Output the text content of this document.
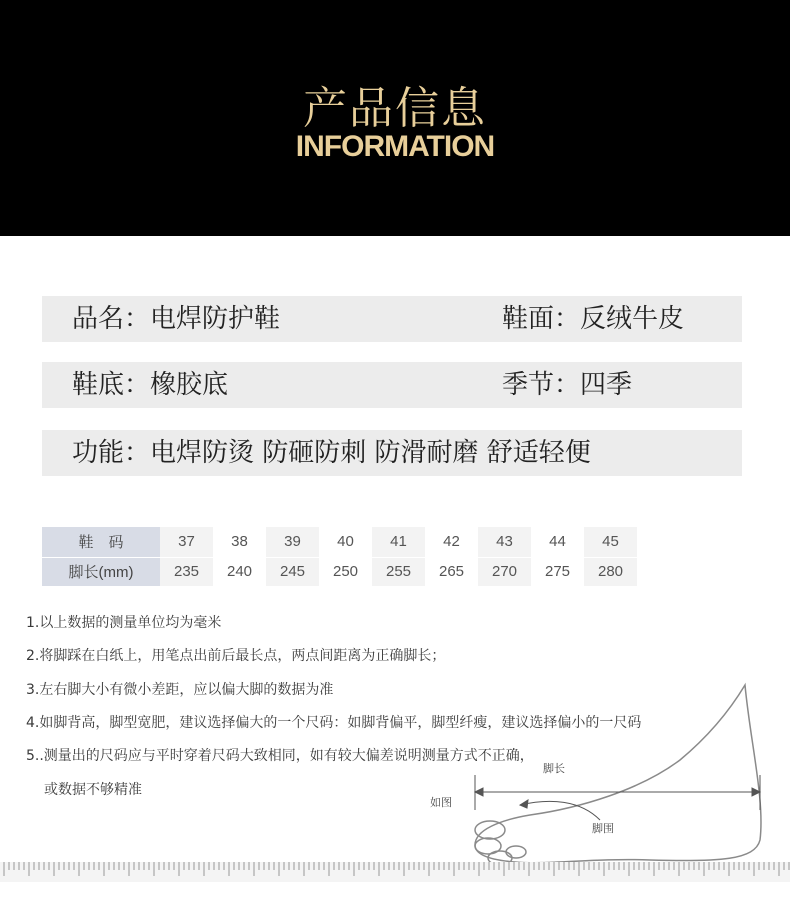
产品信息
INFORMATION
品名：电焊防护鞋	鞋面：反绒牛皮
鞋底：橡胶底	季节：四季
功能：电焊防烫 防砸防刺 防滑耐磨 舒适轻便
鞋　码	37	38	39	40	41	42	43	44	45
脚长(mm)	235	240	245	250	255	265	270	275	280
1.以上数据的测量单位均为毫米
2.将脚踩在白纸上，用笔点出前后最长点，两点间距离为正确脚长；
3.左右脚大小有微小差距，应以偏大脚的数据为准
4.如脚背高，脚型宽肥，建议选择偏大的一个尺码：如脚背偏平，脚型纤瘦，建议选择偏小的一尺码
5..测量出的尺码应与平时穿着尺码大致相同，如有较大偏差说明测量方式不正确，
或数据不够精准
脚长
如图
脚围
